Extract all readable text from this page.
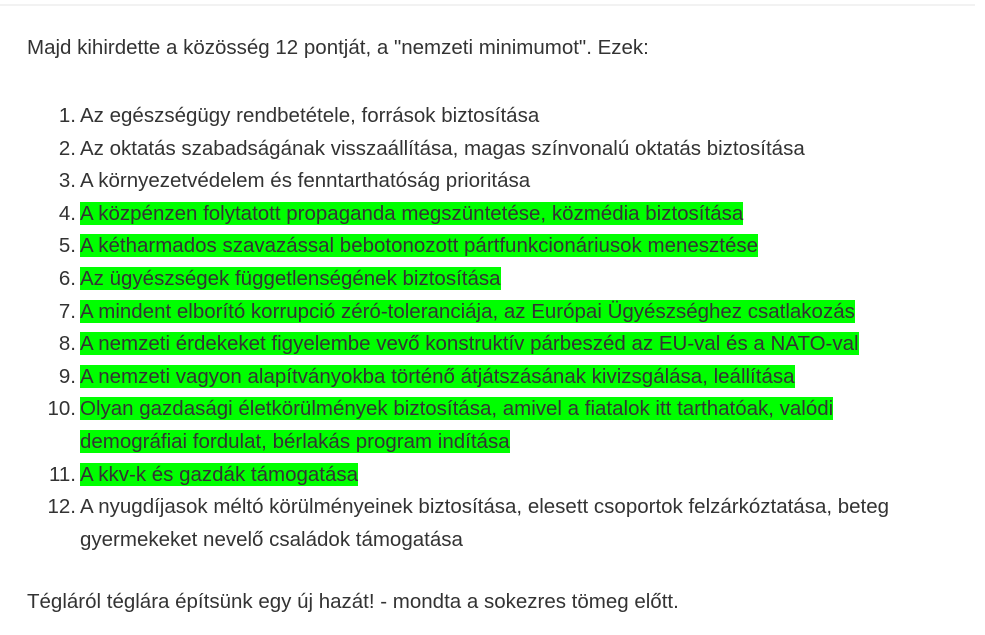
Majd kihirdette a közösség 12 pontját, a "nemzeti minimumot". Ezek:

1. Az egészségügy rendbetétele, források biztosítása
2. Az oktatás szabadságának visszaállítása, magas színvonalú oktatás biztosítása
3. A környezetvédelem és fenntarthatóság prioritása
4. A közpénzen folytatott propaganda megszüntetése, közmédia biztosítása
5. A kétharmados szavazással bebotonozott pártfunkcionáriusok menesztése
6. Az ügyészségek függetlenségének biztosítása
7. A mindent elborító korrupció zéró-toleranciája, az Európai Ügyészséghez csatlakozás
8. A nemzeti érdekeket figyelembe vevő konstruktív párbeszéd az EU-val és a NATO-val
9. A nemzeti vagyon alapítványokba történő átjátszásának kivizsgálása, leállítása
10. Olyan gazdasági életkörülmények biztosítása, amivel a fiatalok itt tarthatóak, valódi
demográfiai fordulat, bérlakás program indítása
11. A kkv-k és gazdák támogatása
12. A nyugdíjasok méltó körülményeinek biztosítása, elesett csoportok felzárkóztatása, beteg
gyermekeket nevelő családok támogatása

Tégláról téglára építsünk egy új hazát! - mondta a sokezres tömeg előtt.
